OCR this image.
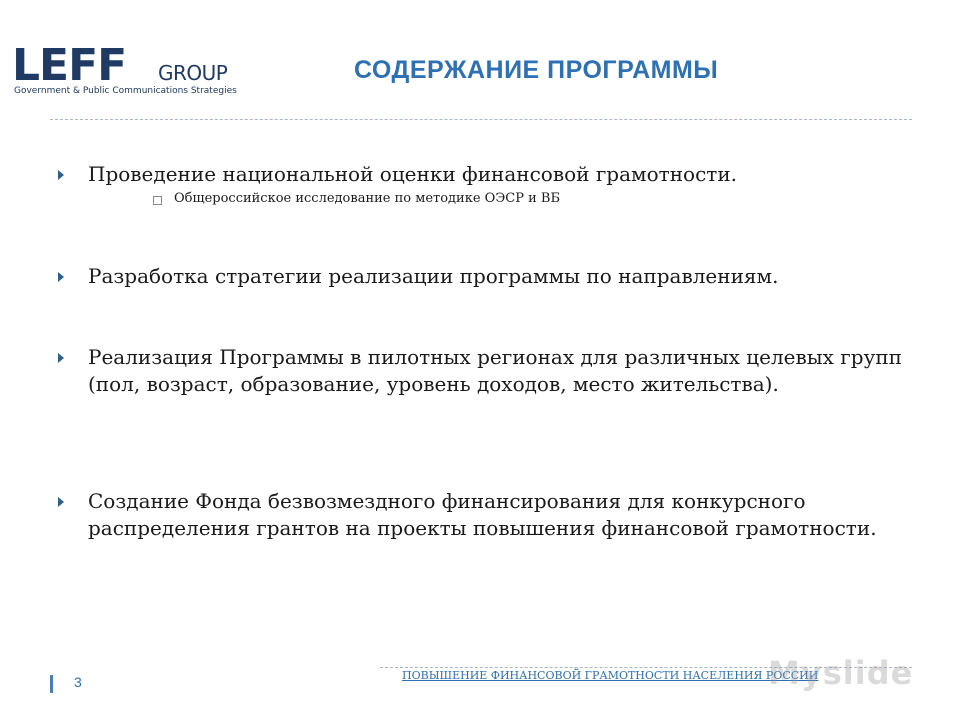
LEFF GROUP
Government & Public Communications Strategies
СОДЕРЖАНИЕ ПРОГРАММЫ
Проведение национальной оценки финансовой грамотности.
Общероссийское исследование по методике ОЭСР и ВБ
Разработка стратегии реализации программы по направлениям.
Реализация Программы в пилотных регионах для различных целевых групп (пол, возраст, образование, уровень доходов, место жительства).
Создание Фонда безвозмездного финансирования для конкурсного распределения грантов на проекты повышения финансовой грамотности.
3	ПОВЫШЕНИЕ ФИНАНСОВОЙ ГРАМОТНОСТИ НАСЕЛЕНИЯ РОССИИ
Myslide
